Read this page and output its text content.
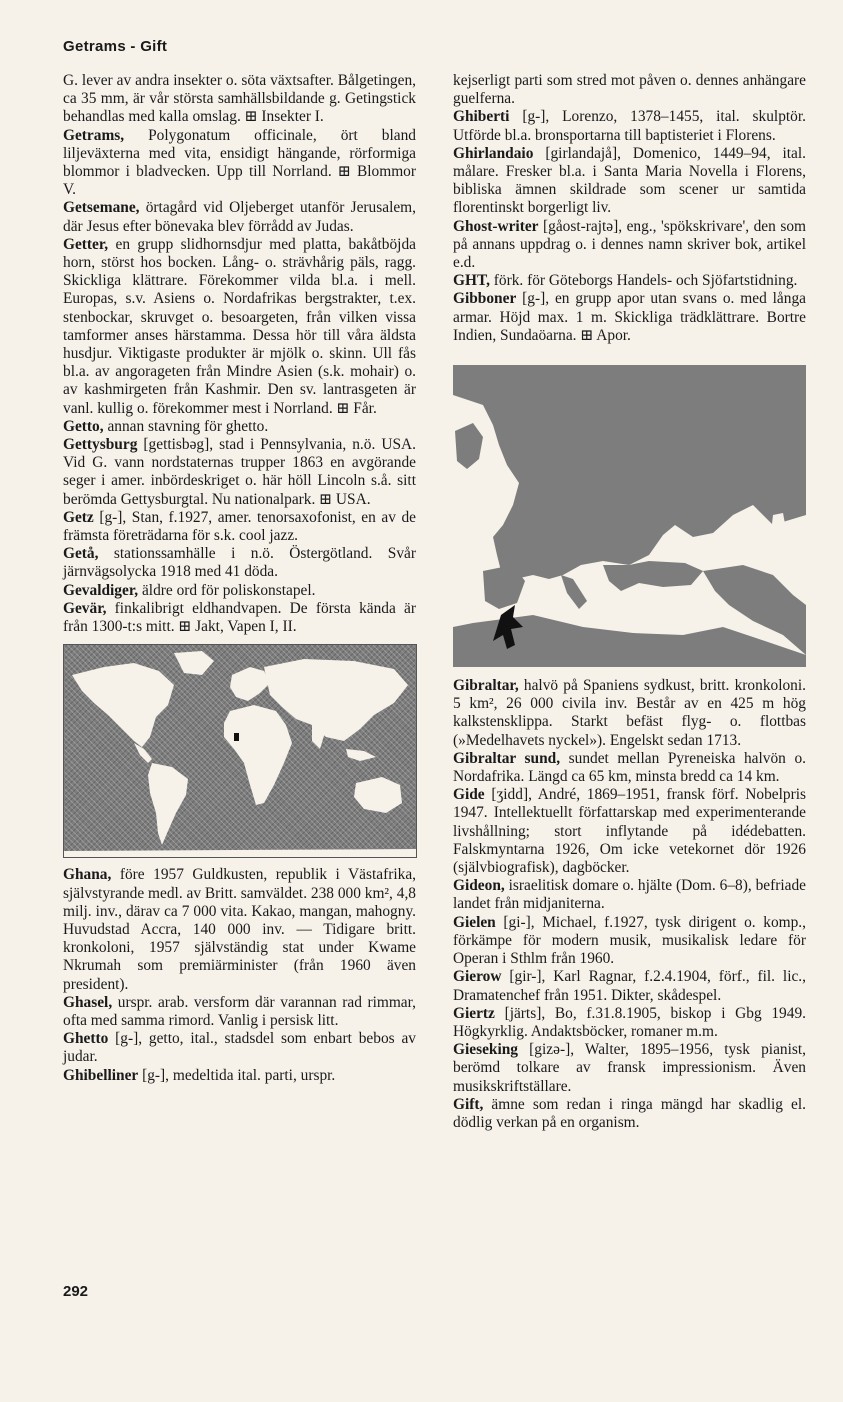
Getrams - Gift

G. lever av andra insekter o. söta växtsafter. Bålgetingen, ca 35 mm, är vår största samhällsbildande g. Getingstick behandlas med kalla omslag. ⊞ Insekter I.

Getrams, Polygonatum officinale, ört bland liljeväxterna med vita, ensidigt hängande, rörformiga blommor i bladvecken. Upp till Norrland. ⊞ Blommor V.

Getsemane, örtagård vid Oljeberget utanför Jerusalem, där Jesus efter bönevaka blev förrådd av Judas.

Getter, en grupp slidhornsdjur med platta, bakåtböjda horn, störst hos bocken. Lång- o. strävhårig päls, ragg. Skickliga klättrare. Förekommer vilda bl.a. i mell. Europas, s.v. Asiens o. Nordafrikas bergstrakter, t.ex. stenbockar, skruvget o. besoargeten, från vilken vissa tamformer anses härstamma. Dessa hör till våra äldsta husdjur. Viktigaste produkter är mjölk o. skinn. Ull fås bl.a. av angorageten från Mindre Asien (s.k. mohair) o. av kashmirgeten från Kashmir. Den sv. lantrasgeten är vanl. kullig o. förekommer mest i Norrland. ⊞ Får.

Getto, annan stavning för ghetto.

Gettysburg [gettisbəg], stad i Pennsylvania, n.ö. USA. Vid G. vann nordstaternas trupper 1863 en avgörande seger i amer. inbördeskriget o. här höll Lincoln s.å. sitt berömda Gettysburgtal. Nu nationalpark. ⊞ USA.

Getz [g-], Stan, f.1927, amer. tenorsaxofonist, en av de främsta företrädarna för s.k. cool jazz.

Getå, stationssamhälle i n.ö. Östergötland. Svår järnvägsolycka 1918 med 41 döda.

Gevaldiger, äldre ord för poliskonstapel.

Gevär, finkalibrigt eldhandvapen. De första kända är från 1300-t:s mitt. ⊞ Jakt, Vapen I, II.

Ghana, före 1957 Guldkusten, republik i Västafrika, självstyrande medl. av Britt. samväldet. 238 000 km², 4,8 milj. inv., därav ca 7 000 vita. Kakao, mangan, mahogny. Huvudstad Accra, 140 000 inv. — Tidigare britt. kronkoloni, 1957 självständig stat under Kwame Nkrumah som premiärminister (från 1960 även president).

Ghasel, urspr. arab. versform där varannan rad rimmar, ofta med samma rimord. Vanlig i persisk litt.

Ghetto [g-], getto, ital., stadsdel som enbart bebos av judar.

Ghibelliner [g-], medeltida ital. parti, urspr.

kejserligt parti som stred mot påven o. dennes anhängare guelferna.

Ghiberti [g-], Lorenzo, 1378–1455, ital. skulptör. Utförde bl.a. bronsportarna till baptisteriet i Florens.

Ghirlandaio [girlandajå], Domenico, 1449–94, ital. målare. Fresker bl.a. i Santa Maria Novella i Florens, bibliska ämnen skildrade som scener ur samtida florentinskt borgerligt liv.

Ghost-writer [gåost-rajtə], eng., 'spökskrivare', den som på annans uppdrag o. i dennes namn skriver bok, artikel e.d.

GHT, förk. för Göteborgs Handels- och Sjöfartstidning.

Gibboner [g-], en grupp apor utan svans o. med långa armar. Höjd max. 1 m. Skickliga trädklättrare. Bortre Indien, Sundaöarna. ⊞ Apor.

Gibraltar, halvö på Spaniens sydkust, britt. kronkoloni. 5 km², 26 000 civila inv. Består av en 425 m hög kalkstensklippa. Starkt befäst flyg- o. flottbas (»Medelhavets nyckel»). Engelskt sedan 1713.

Gibraltar sund, sundet mellan Pyreneiska halvön o. Nordafrika. Längd ca 65 km, minsta bredd ca 14 km.

Gide [ʒidd], André, 1869–1951, fransk förf. Nobelpris 1947. Intellektuellt författarskap med experimenterande livshållning; stort inflytande på idédebatten. Falskmyntarna 1926, Om icke vetekornet dör 1926 (självbiografisk), dagböcker.

Gideon, israelitisk domare o. hjälte (Dom. 6–8), befriade landet från midjaniterna.

Gielen [gi-], Michael, f.1927, tysk dirigent o. komp., förkämpe för modern musik, musikalisk ledare för Operan i Sthlm från 1960.

Gierow [gir-], Karl Ragnar, f.2.4.1904, förf., fil. lic., Dramatenchef från 1951. Dikter, skådespel.

Giertz [järts], Bo, f.31.8.1905, biskop i Gbg 1949. Högkyrklig. Andaktsböcker, romaner m.m.

Gieseking [gizə-], Walter, 1895–1956, tysk pianist, berömd tolkare av fransk impressionism. Även musikskriftställare.

Gift, ämne som redan i ringa mängd har skadlig el. dödlig verkan på en organism.

292
